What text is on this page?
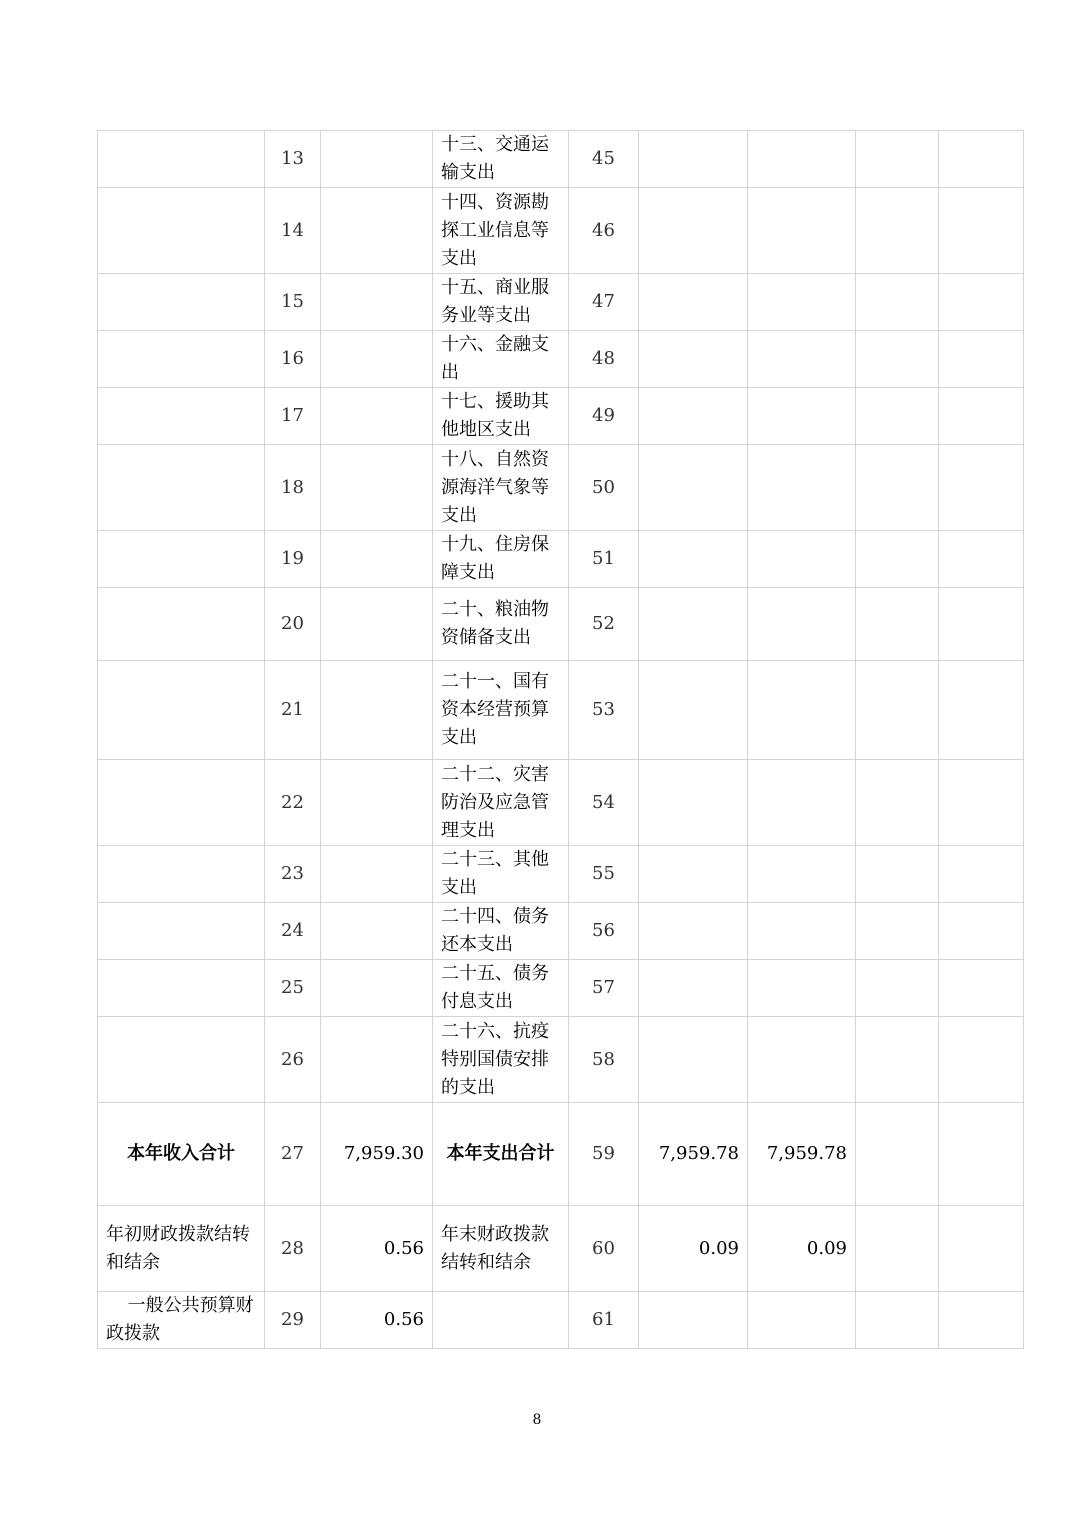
	13		十三、交通运输支出	45				
	14		十四、资源勘探工业信息等支出	46				
	15		十五、商业服务业等支出	47				
	16		十六、金融支出	48				
	17		十七、援助其他地区支出	49				
	18		十八、自然资源海洋气象等支出	50				
	19		十九、住房保障支出	51				
	20		二十、粮油物资储备支出	52				
	21		二十一、国有资本经营预算支出	53				
	22		二十二、灾害防治及应急管理支出	54				
	23		二十三、其他支出	55				
	24		二十四、债务还本支出	56				
	25		二十五、债务付息支出	57				
	26		二十六、抗疫特别国债安排的支出	58				
本年收入合计	27	7,959.30	本年支出合计	59	7,959.78	7,959.78		
年初财政拨款结转和结余	28	0.56	年末财政拨款结转和结余	60	0.09	0.09		
一般公共预算财政拨款	29	0.56		61				
8
